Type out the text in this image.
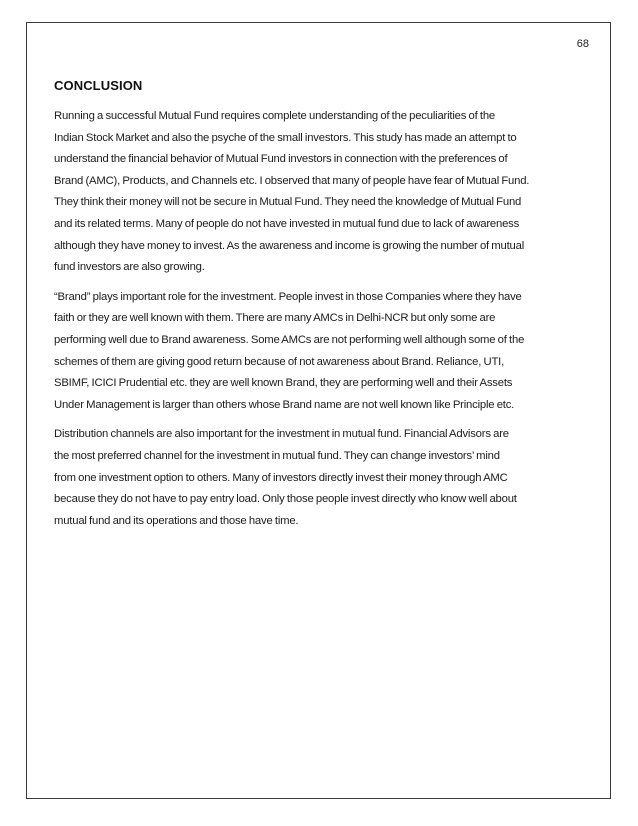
68
CONCLUSION

Running a successful Mutual Fund requires complete understanding of the peculiarities of the
Indian Stock Market and also the psyche of the small investors. This study has made an attempt to
understand the financial behavior of Mutual Fund investors in connection with the preferences of
Brand (AMC), Products, and Channels etc. I observed that many of people have fear of Mutual Fund.
They think their money will not be secure in Mutual Fund. They need the knowledge of Mutual Fund
and its related terms. Many of people do not have invested in mutual fund due to lack of awareness
although they have money to invest. As the awareness and income is growing the number of mutual
fund investors are also growing.

“Brand” plays important role for the investment. People invest in those Companies where they have
faith or they are well known with them. There are many AMCs in Delhi-NCR but only some are
performing well due to Brand awareness. Some AMCs are not performing well although some of the
schemes of them are giving good return because of not awareness about Brand. Reliance, UTI,
SBIMF, ICICI Prudential etc. they are well known Brand, they are performing well and their Assets
Under Management is larger than others whose Brand name are not well known like Principle etc.

Distribution channels are also important for the investment in mutual fund. Financial Advisors are
the most preferred channel for the investment in mutual fund. They can change investors’ mind
from one investment option to others. Many of investors directly invest their money through AMC
because they do not have to pay entry load. Only those people invest directly who know well about
mutual fund and its operations and those have time.
